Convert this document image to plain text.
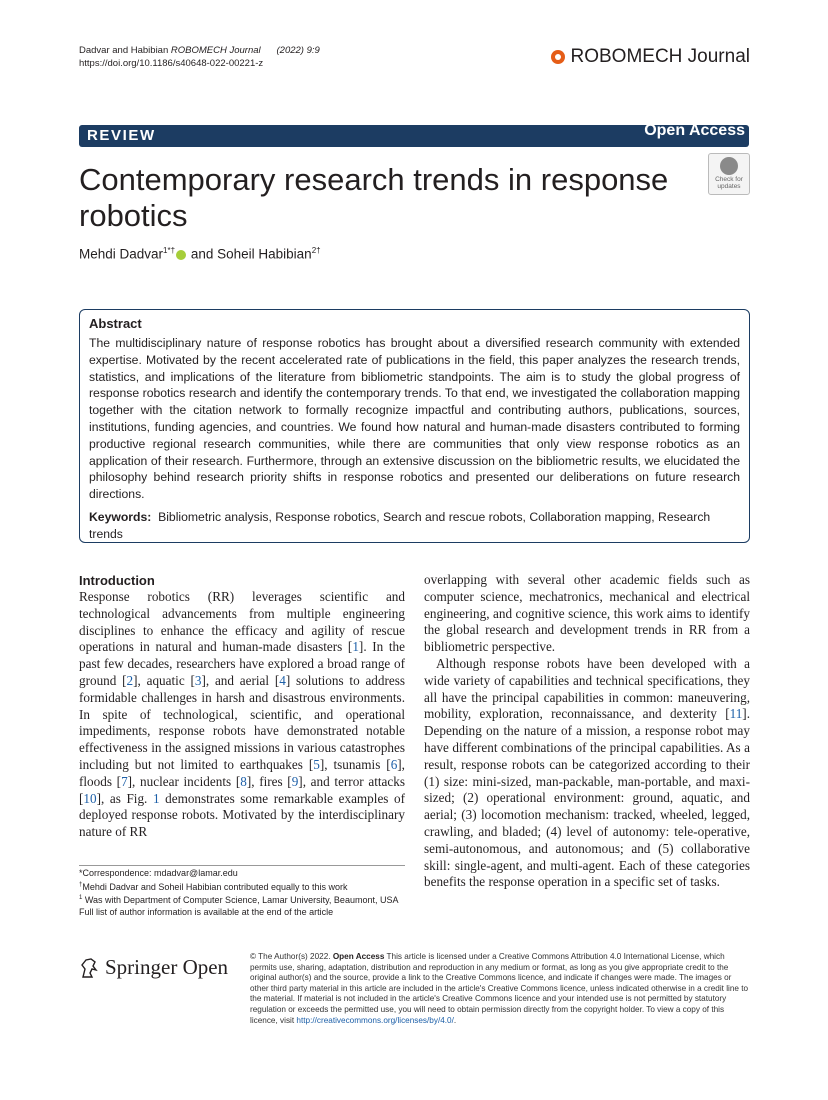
Dadvar and Habibian ROBOMECH Journal (2022) 9:9
https://doi.org/10.1186/s40648-022-00221-z	ROBOMECH Journal
REVIEW	Open Access
Contemporary research trends in response robotics
Check for updates
Mehdi Dadvar$^{1*\dagger}$ and Soheil Habibian$^{2\dagger}$
Abstract

The multidisciplinary nature of response robotics has brought about a diversified research community with extended expertise. Motivated by the recent accelerated rate of publications in the field, this paper analyzes the research trends, statistics, and implications of the literature from bibliometric standpoints. The aim is to study the global progress of response robotics research and identify the contemporary trends. To that end, we investigated the collaboration mapping together with the citation network to formally recognize impactful and contributing authors, publications, sources, institutions, funding agencies, and countries. We found how natural and human-made disasters contributed to forming productive regional research communities, while there are communities that only view response robotics as an application of their research. Furthermore, through an extensive discussion on the bibliometric results, we elucidated the philosophy behind research priority shifts in response robotics and presented our deliberations on future research directions.

Keywords: Bibliometric analysis, Response robotics, Search and rescue robots, Collaboration mapping, Research trends
Introduction

Response robotics (RR) leverages scientific and technological advancements from multiple engineering disciplines to enhance the efficacy and agility of rescue operations in natural and human-made disasters [1]. In the past few decades, researchers have explored a broad range of ground [2], aquatic [3], and aerial [4] solutions to address formidable challenges in harsh and disastrous environments. In spite of technological, scientific, and operational impediments, response robots have demonstrated notable effectiveness in the assigned missions in various catastrophes including but not limited to earthquakes [5], tsunamis [6], floods [7], nuclear incidents [8], fires [9], and terror attacks [10], as Fig. 1 demonstrates some remarkable examples of deployed response robots. Motivated by the interdisciplinary nature of RR

overlapping with several other academic fields such as computer science, mechatronics, mechanical and electrical engineering, and cognitive science, this work aims to identify the global research and development trends in RR from a bibliometric perspective.

Although response robots have been developed with a wide variety of capabilities and technical specifications, they all have the principal capabilities in common: maneuvering, mobility, exploration, reconnaissance, and dexterity [11]. Depending on the nature of a mission, a response robot may have different combinations of the principal capabilities. As a result, response robots can be categorized according to their (1) size: mini-sized, man-packable, man-portable, and maxi-sized; (2) operational environment: ground, aquatic, and aerial; (3) locomotion mechanism: tracked, wheeled, legged, crawling, and bladed; (4) level of autonomy: tele-operative, semi-autonomous, and autonomous; and (5) collaborative skill: single-agent, and multi-agent. Each of these categories benefits the response operation in a specific set of tasks.

*Correspondence: mdadvar@lamar.edu
†Mehdi Dadvar and Soheil Habibian contributed equally to this work
$^1$ Was with Department of Computer Science, Lamar University, Beaumont, USA
Full list of author information is available at the end of the article
Springer Open	© The Author(s) 2022. Open Access This article is licensed under a Creative Commons Attribution 4.0 International License, which permits use, sharing, adaptation, distribution and reproduction in any medium or format, as long as you give appropriate credit to the original author(s) and the source, provide a link to the Creative Commons licence, and indicate if changes were made. The images or other third party material in this article are included in the article's Creative Commons licence, unless indicated otherwise in a credit line to the material. If material is not included in the article's Creative Commons licence and your intended use is not permitted by statutory regulation or exceeds the permitted use, you will need to obtain permission directly from the copyright holder. To view a copy of this licence, visit http://creativecommons.org/licenses/by/4.0/.
